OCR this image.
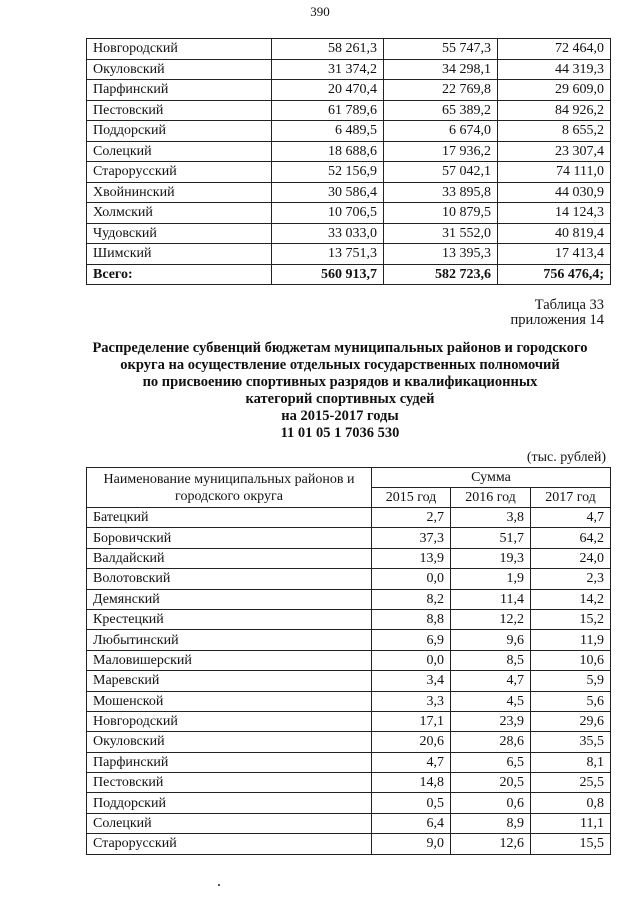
390
Новгородский	58 261,3	55 747,3	72 464,0
Окуловский	31 374,2	34 298,1	44 319,3
Парфинский	20 470,4	22 769,8	29 609,0
Пестовский	61 789,6	65 389,2	84 926,2
Поддорский	6 489,5	6 674,0	8 655,2
Солецкий	18 688,6	17 936,2	23 307,4
Старорусский	52 156,9	57 042,1	74 111,0
Хвойнинский	30 586,4	33 895,8	44 030,9
Холмский	10 706,5	10 879,5	14 124,3
Чудовский	33 033,0	31 552,0	40 819,4
Шимский	13 751,3	13 395,3	17 413,4
Всего:	560 913,7	582 723,6	756 476,4;
Таблица 33
приложения 14
Распределение субвенций бюджетам муниципальных районов и городского
округа на осуществление отдельных государственных полномочий
по присвоению спортивных разрядов и квалификационных
категорий спортивных судей
на 2015-2017 годы
11 01 05 1 7036 530
(тыс. рублей)
Наименование муниципальных районов и городского округа	Сумма		
	2015 год	2016 год	2017 год
Батецкий	2,7	3,8	4,7
Боровичский	37,3	51,7	64,2
Валдайский	13,9	19,3	24,0
Волотовский	0,0	1,9	2,3
Демянский	8,2	11,4	14,2
Крестецкий	8,8	12,2	15,2
Любытинский	6,9	9,6	11,9
Маловишерский	0,0	8,5	10,6
Маревский	3,4	4,7	5,9
Мошенской	3,3	4,5	5,6
Новгородский	17,1	23,9	29,6
Окуловский	20,6	28,6	35,5
Парфинский	4,7	6,5	8,1
Пестовский	14,8	20,5	25,5
Поддорский	0,5	0,6	0,8
Солецкий	6,4	8,9	11,1
Старорусский	9,0	12,6	15,5
